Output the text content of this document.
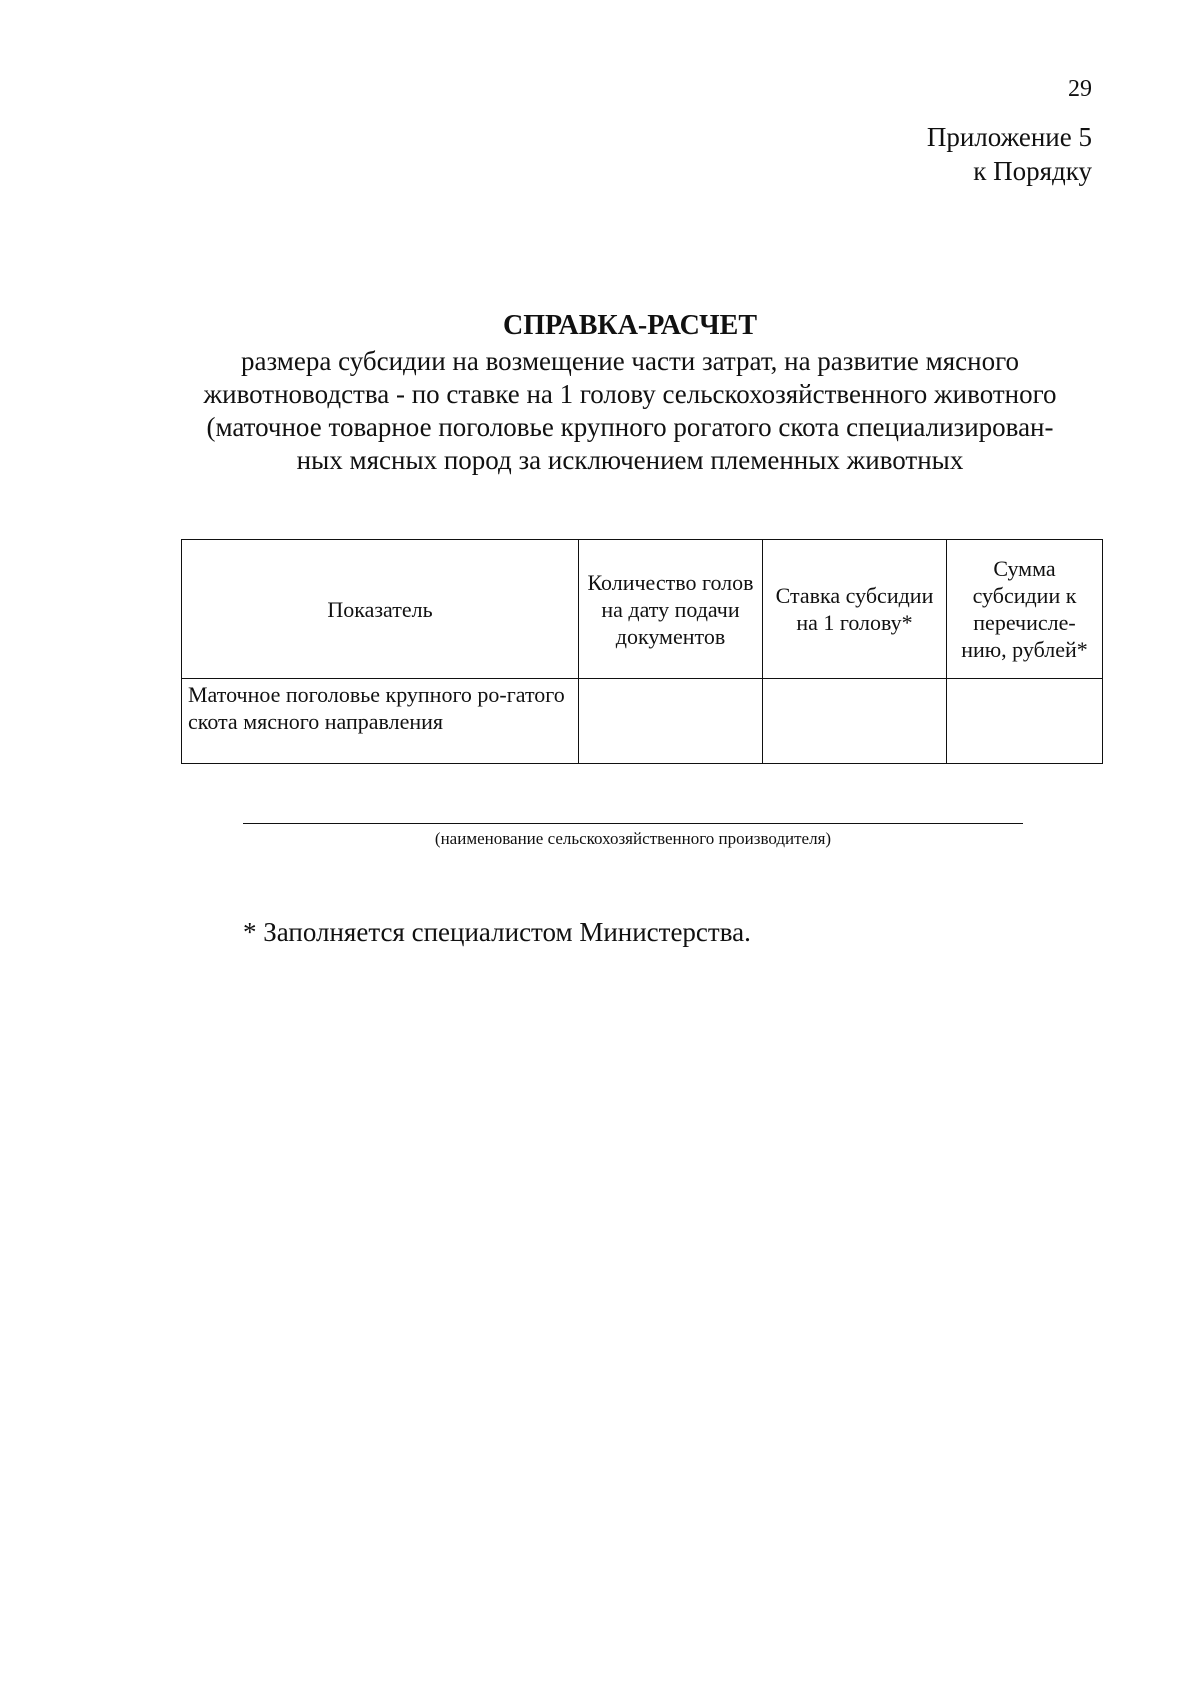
29
Приложение 5
к Порядку
СПРАВКА-РАСЧЕТ
размера субсидии на возмещение части затрат, на развитие мясного
животноводства - по ставке на 1 голову сельскохозяйственного животного
(маточное товарное поголовье крупного рогатого скота специализирован-
ных мясных пород за исключением племенных животных
Показатель	Количество голов на дату подачи документов	Ставка субсидии на 1 голову*	Сумма субсидии к перечисле-нию, рублей*
Маточное поголовье крупного ро-гатого скота мясного направления			
(наименование сельскохозяйственного производителя)
* Заполняется специалистом Министерства.
